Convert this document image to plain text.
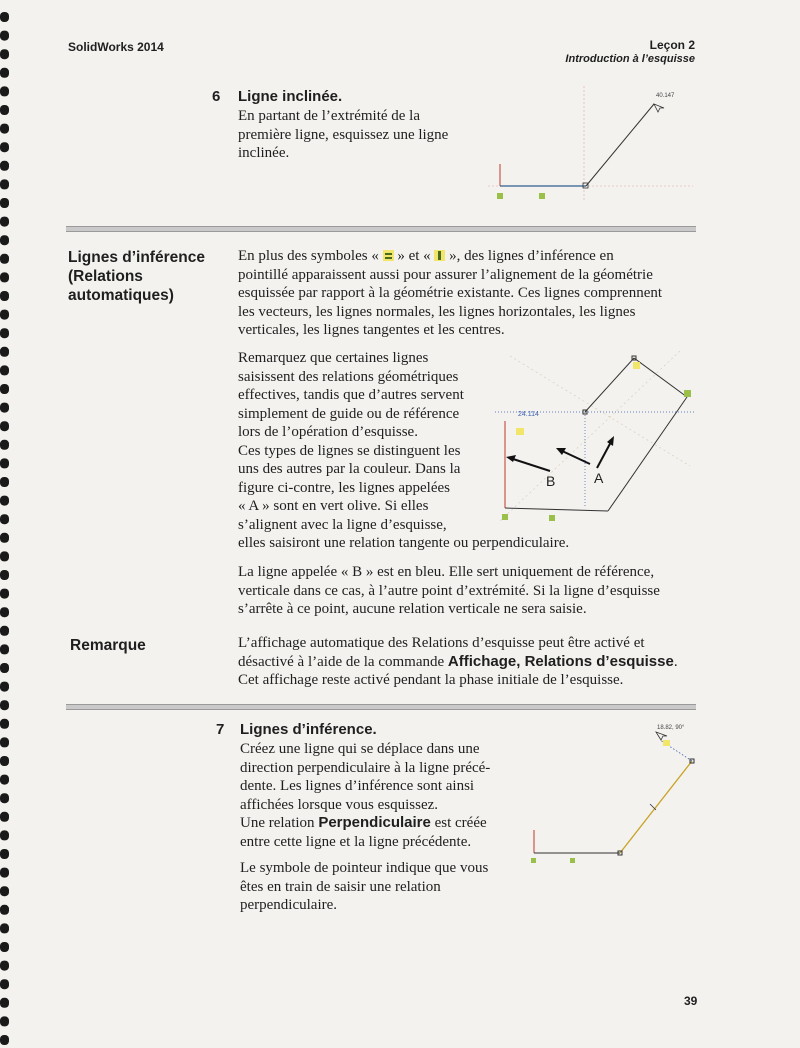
SolidWorks 2014	Leçon 2
Introduction à l’esquisse
6 Ligne inclinée.
En partant de l’extrémité de la
première ligne, esquissez une ligne
inclinée.
40.147
Lignes d’inférence
(Relations
automatiques)
En plus des symboles «  » et «  », des lignes d’inférence en
pointillé apparaissent aussi pour assurer l’alignement de la géométrie
esquissée par rapport à la géométrie existante. Ces lignes comprennent
les vecteurs, les lignes normales, les lignes horizontales, les lignes
verticales, les lignes tangentes et les centres.
Remarquez que certaines lignes
saisissent des relations géométriques
effectives, tandis que d’autres servent
simplement de guide ou de référence
lors de l’opération d’esquisse.
Ces types de lignes se distinguent les
uns des autres par la couleur. Dans la
figure ci-contre, les lignes appelées
« A » sont en vert olive. Si elles
s’alignent avec la ligne d’esquisse,
elles saisiront une relation tangente ou perpendiculaire.
24.114
B	A
La ligne appelée « B » est en bleu. Elle sert uniquement de référence,
verticale dans ce cas, à l’autre point d’extrémité. Si la ligne d’esquisse
s’arrête à ce point, aucune relation verticale ne sera saisie.
Remarque	L’affichage automatique des Relations d’esquisse peut être activé et
désactivé à l’aide de la commande Affichage, Relations d’esquisse.
Cet affichage reste activé pendant la phase initiale de l’esquisse.
7 Lignes d’inférence.
Créez une ligne qui se déplace dans une
direction perpendiculaire à la ligne précé-
dente. Les lignes d’inférence sont ainsi
affichées lorsque vous esquissez.
Une relation Perpendiculaire est créée
entre cette ligne et la ligne précédente.
Le symbole de pointeur indique que vous
êtes en train de saisir une relation
perpendiculaire.
18.82, 90°
39
